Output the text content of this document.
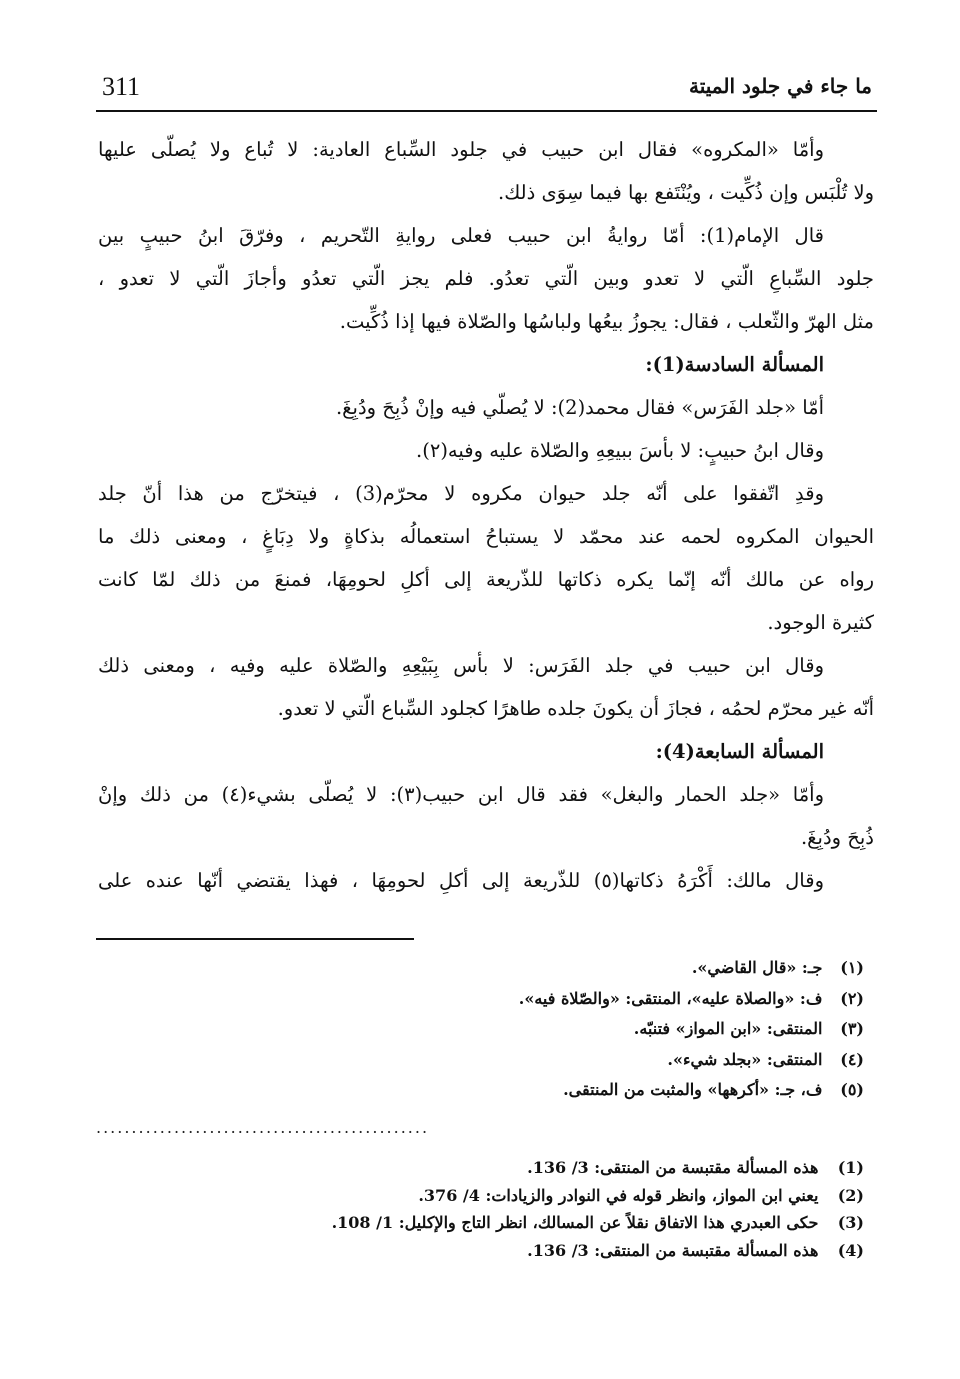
ما جاء في جلود الميتة
311
وأمّا «المكروه» فقال ابن حبيب في جلود السِّباع العادية: لا تُباع ولا يُصلّى عليها
ولا تُلْبَس وإن ذُكِّيت ، ويُنْتَفع بها فيما سِوَى ذلك.
قال الإمام(1): أمّا روايةُ ابن حبيب فعلى روايةِ التّحريم ، وفرّقَ ابنُ حبيبٍ بين
جلود السِّباعِ الّتي لا تعدو وبين الّتي تعدُو. فلم يجز الّتي تعدُو وأجازَ الّتي لا تعدو ،
مثل الهرّ والثّعلب ، فقال: يجوزُ بيعُها ولباسُها والصّلاة فيها إذا ذُكِّيت.
المسألة السادسة(1):
أمّا «جلد الفَرَس» فقال محمد(2): لا يُصلّي فيه وإنْ ذُبِحَ ودُبِغَ.
وقال ابنُ حبيبٍ: لا بأسَ ببيعِهِ والصّلاة عليه وفيه(٢).
وقدِ اتّفقوا على أنّه جلد حيوان مكروه لا محرّم(3) ، فيتخرّج من هذا أنّ جلد
الحيوان المكروه لحمه عند محمّد لا يستباحُ استعمالُه بذكاةٍ ولا دِبَاغٍ ، ومعنى ذلك ما
رواه عن مالك أنّه إنّما يكره ذكاتها للذّريعة إلى أكلِ لحومِهَا، فمنعَ من ذلك لمّا كانت
كثيرة الوجود.
وقال ابن حبيب في جلد الفَرَس: لا بأس بِبَيْعِهِ والصّلاة عليه وفيه ، ومعنى ذلك
أنّه غير محرّم لحمُه ، فجازَ أن يكونَ جلده طاهرًا كجلود السِّباع الّتي لا تعدو.
المسألة السابعة(4):
وأمّا «جلد الحمار والبغل» فقد قال ابن حبيب(٣): لا يُصلّى بشيء(٤) من ذلك وإنْ
ذُبِحَ ودُبِغَ.
وقال مالك: أَكْرَهُ ذكاتها(٥) للذّريعة إلى أكلِ لحومِهَا ، فهذا يقتضي أنّها عنده على
(١) جـ: «قال القاضي».
(٢) ف: «والصلاة عليه»، المنتقى: «والصّلاة فيه».
(٣) المنتقى: «ابن المواز» فتنبّه.
(٤) المنتقى: «بجلد شيء».
(٥) ف، جـ: «أكرهها» والمثبت من المنتقى.
...............................................
(1) هذه المسألة مقتبسة من المنتقى: 3/ 136.
(2) يعني ابن المواز، وانظر قوله في النوادر والزيادات: 4/ 376.
(3) حكى العبدري هذا الاتفاق نقلاً عن المسالك، انظر التاج والإكليل: 1/ 108.
(4) هذه المسألة مقتبسة من المنتقى: 3/ 136.
